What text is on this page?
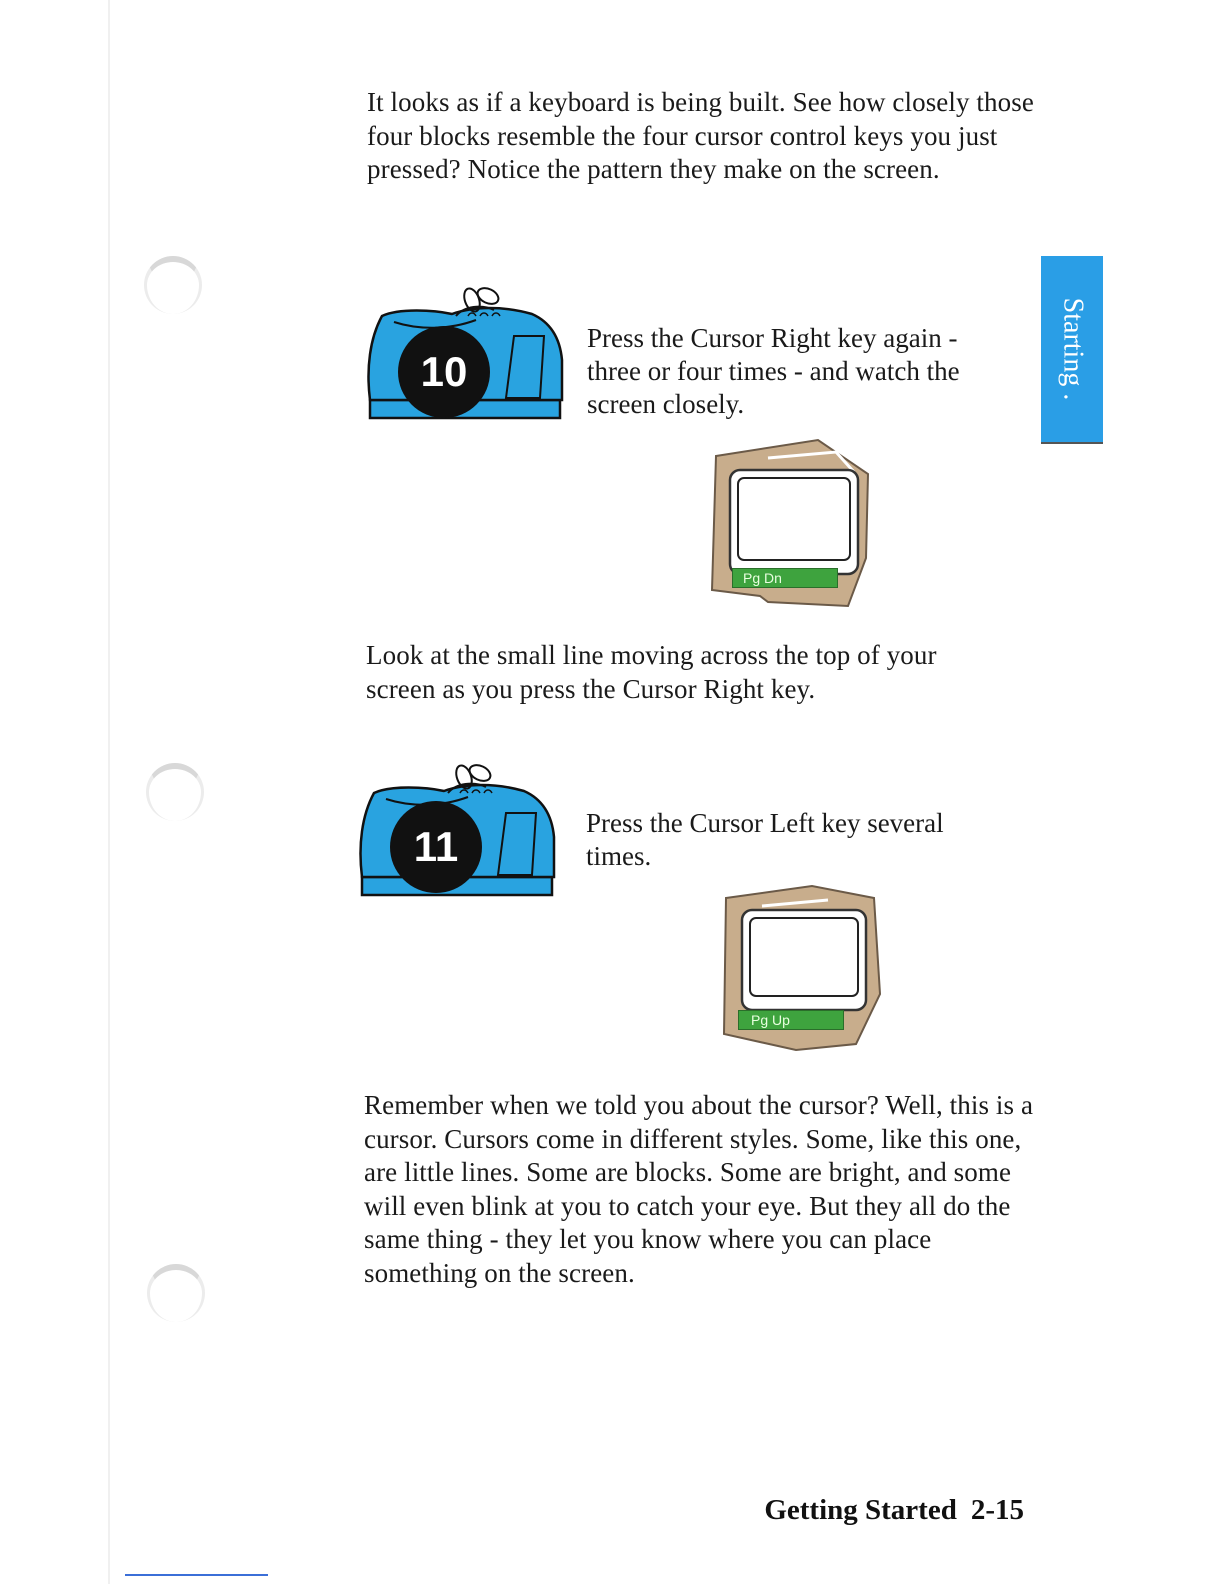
It looks as if a keyboard is being built. See how closely those four blocks resemble the four cursor control keys you just pressed? Notice the pattern they make on the screen.

10

Press the Cursor Right key again - three or four times - and watch the screen closely.

Pg Dn

Look at the small line moving across the top of your screen as you press the Cursor Right key.

11	Press the Cursor Left key several times.

Pg Up

Remember when we told you about the cursor? Well, this is a cursor. Cursors come in different styles. Some, like this one, are little lines. Some are blocks. Some are bright, and some will even blink at you to catch your eye. But they all do the same thing - they let you know where you can place something on the screen.

Starting .
Getting Started 2-15
